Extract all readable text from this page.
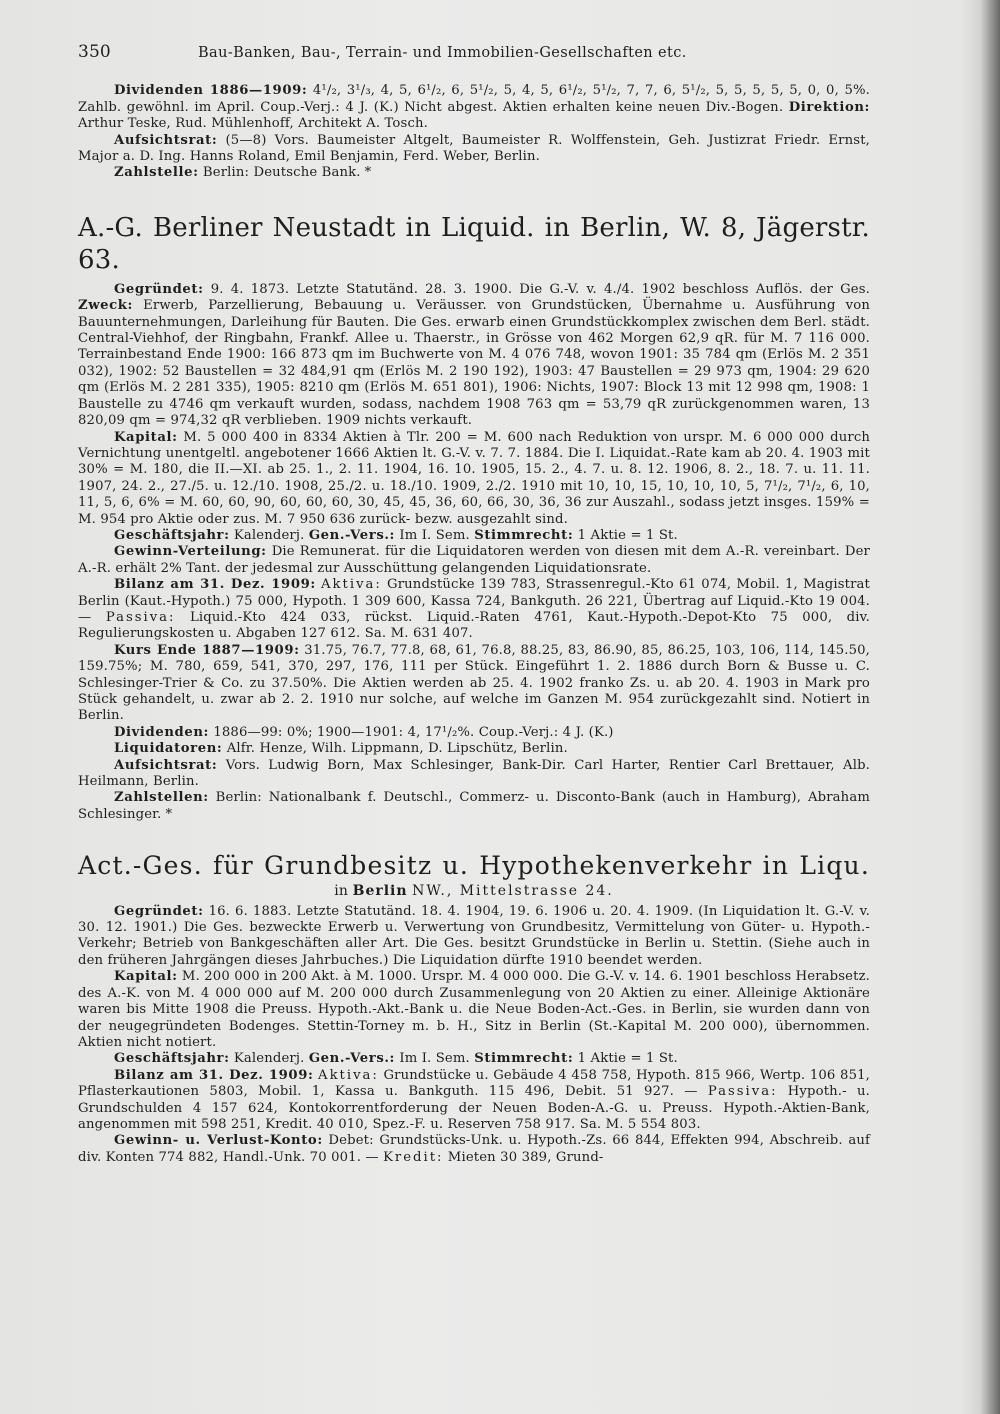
350	Bau-Banken, Bau-, Terrain- und Immobilien-Gesellschaften etc.

Dividenden 1886—1909: 4¹/₂, 3¹/₃, 4, 5, 6¹/₂, 6, 5¹/₂, 5, 4, 5, 6¹/₂, 5¹/₂, 7, 7, 6, 5¹/₂, 5, 5, 5, 5, 5, 0, 0, 5%. Zahlb. gewöhnl. im April. Coup.-Verj.: 4 J. (K.) Nicht abgest. Aktien erhalten keine neuen Div.-Bogen. Direktion: Arthur Teske, Rud. Mühlenhoff, Architekt A. Tosch.

Aufsichtsrat: (5—8) Vors. Baumeister Altgelt, Baumeister R. Wolffenstein, Geh. Justizrat Friedr. Ernst, Major a. D. Ing. Hanns Roland, Emil Benjamin, Ferd. Weber, Berlin.

Zahlstelle: Berlin: Deutsche Bank. *

A.-G. Berliner Neustadt in Liquid. in Berlin, W. 8, Jägerstr. 63.

Gegründet: 9. 4. 1873. Letzte Statutänd. 28. 3. 1900. Die G.-V. v. 4./4. 1902 beschloss Auflös. der Ges. Zweck: Erwerb, Parzellierung, Bebauung u. Veräusser. von Grundstücken, Übernahme u. Ausführung von Bauunternehmungen, Darleihung für Bauten. Die Ges. erwarb einen Grundstückkomplex zwischen dem Berl. städt. Central-Viehhof, der Ringbahn, Frankf. Allee u. Thaerstr., in Grösse von 462 Morgen 62,9 qR. für M. 7 116 000. Terrainbestand Ende 1900: 166 873 qm im Buchwerte von M. 4 076 748, wovon 1901: 35 784 qm (Erlös M. 2 351 032), 1902: 52 Baustellen = 32 484,91 qm (Erlös M. 2 190 192), 1903: 47 Baustellen = 29 973 qm, 1904: 29 620 qm (Erlös M. 2 281 335), 1905: 8210 qm (Erlös M. 651 801), 1906: Nichts, 1907: Block 13 mit 12 998 qm, 1908: 1 Baustelle zu 4746 qm verkauft wurden, sodass, nachdem 1908 763 qm = 53,79 qR zurückgenommen waren, 13 820,09 qm = 974,32 qR verblieben. 1909 nichts verkauft.

Kapital: M. 5 000 400 in 8334 Aktien à Tlr. 200 = M. 600 nach Reduktion von urspr. M. 6 000 000 durch Vernichtung unentgeltl. angebotener 1666 Aktien lt. G.-V. v. 7. 7. 1884. Die I. Liquidat.-Rate kam ab 20. 4. 1903 mit 30% = M. 180, die II.—XI. ab 25. 1., 2. 11. 1904, 16. 10. 1905, 15. 2., 4. 7. u. 8. 12. 1906, 8. 2., 18. 7. u. 11. 11. 1907, 24. 2., 27./5. u. 12./10. 1908, 25./2. u. 18./10. 1909, 2./2. 1910 mit 10, 10, 15, 10, 10, 10, 5, 7¹/₂, 7¹/₂, 6, 10, 11, 5, 6, 6% = M. 60, 60, 90, 60, 60, 60, 30, 45, 45, 36, 60, 66, 30, 36, 36 zur Auszahl., sodass jetzt insges. 159% = M. 954 pro Aktie oder zus. M. 7 950 636 zurück- bezw. ausgezahlt sind.

Geschäftsjahr: Kalenderj. Gen.-Vers.: Im I. Sem. Stimmrecht: 1 Aktie = 1 St.

Gewinn-Verteilung: Die Remunerat. für die Liquidatoren werden von diesen mit dem A.-R. vereinbart. Der A.-R. erhält 2% Tant. der jedesmal zur Ausschüttung gelangenden Liquidationsrate.

Bilanz am 31. Dez. 1909: Aktiva: Grundstücke 139 783, Strassenregul.-Kto 61 074, Mobil. 1, Magistrat Berlin (Kaut.-Hypoth.) 75 000, Hypoth. 1 309 600, Kassa 724, Bankguth. 26 221, Übertrag auf Liquid.-Kto 19 004. — Passiva: Liquid.-Kto 424 033, rückst. Liquid.-Raten 4761, Kaut.-Hypoth.-Depot-Kto 75 000, div. Regulierungskosten u. Abgaben 127 612. Sa. M. 631 407.

Kurs Ende 1887—1909: 31.75, 76.7, 77.8, 68, 61, 76.8, 88.25, 83, 86.90, 85, 86.25, 103, 106, 114, 145.50, 159.75%; M. 780, 659, 541, 370, 297, 176, 111 per Stück. Eingeführt 1. 2. 1886 durch Born & Busse u. C. Schlesinger-Trier & Co. zu 37.50%. Die Aktien werden ab 25. 4. 1902 franko Zs. u. ab 20. 4. 1903 in Mark pro Stück gehandelt, u. zwar ab 2. 2. 1910 nur solche, auf welche im Ganzen M. 954 zurückgezahlt sind. Notiert in Berlin.

Dividenden: 1886—99: 0%; 1900—1901: 4, 17¹/₂%. Coup.-Verj.: 4 J. (K.)

Liquidatoren: Alfr. Henze, Wilh. Lippmann, D. Lipschütz, Berlin.

Aufsichtsrat: Vors. Ludwig Born, Max Schlesinger, Bank-Dir. Carl Harter, Rentier Carl Brettauer, Alb. Heilmann, Berlin.

Zahlstellen: Berlin: Nationalbank f. Deutschl., Commerz- u. Disconto-Bank (auch in Hamburg), Abraham Schlesinger. *

Act.-Ges. für Grundbesitz u. Hypothekenverkehr in Liqu.
in Berlin NW., Mittelstrasse 24.

Gegründet: 16. 6. 1883. Letzte Statutänd. 18. 4. 1904, 19. 6. 1906 u. 20. 4. 1909. (In Liquidation lt. G.-V. v. 30. 12. 1901.) Die Ges. bezweckte Erwerb u. Verwertung von Grundbesitz, Vermittelung von Güter- u. Hypoth.-Verkehr; Betrieb von Bankgeschäften aller Art. Die Ges. besitzt Grundstücke in Berlin u. Stettin. (Siehe auch in den früheren Jahrgängen dieses Jahrbuches.) Die Liquidation dürfte 1910 beendet werden.

Kapital: M. 200 000 in 200 Akt. à M. 1000. Urspr. M. 4 000 000. Die G.-V. v. 14. 6. 1901 beschloss Herabsetz. des A.-K. von M. 4 000 000 auf M. 200 000 durch Zusammenlegung von 20 Aktien zu einer. Alleinige Aktionäre waren bis Mitte 1908 die Preuss. Hypoth.-Akt.-Bank u. die Neue Boden-Act.-Ges. in Berlin, sie wurden dann von der neugegründeten Bodenges. Stettin-Torney m. b. H., Sitz in Berlin (St.-Kapital M. 200 000), übernommen. Aktien nicht notiert.

Geschäftsjahr: Kalenderj. Gen.-Vers.: Im I. Sem. Stimmrecht: 1 Aktie = 1 St.

Bilanz am 31. Dez. 1909: Aktiva: Grundstücke u. Gebäude 4 458 758, Hypoth. 815 966, Wertp. 106 851, Pflasterkautionen 5803, Mobil. 1, Kassa u. Bankguth. 115 496, Debit. 51 927. — Passiva: Hypoth.- u. Grundschulden 4 157 624, Kontokorrentforderung der Neuen Boden-A.-G. u. Preuss. Hypoth.-Aktien-Bank, angenommen mit 598 251, Kredit. 40 010, Spez.-F. u. Reserven 758 917. Sa. M. 5 554 803.

Gewinn- u. Verlust-Konto: Debet: Grundstücks-Unk. u. Hypoth.-Zs. 66 844, Effekten 994, Abschreib. auf div. Konten 774 882, Handl.-Unk. 70 001. — Kredit: Mieten 30 389, Grund-
